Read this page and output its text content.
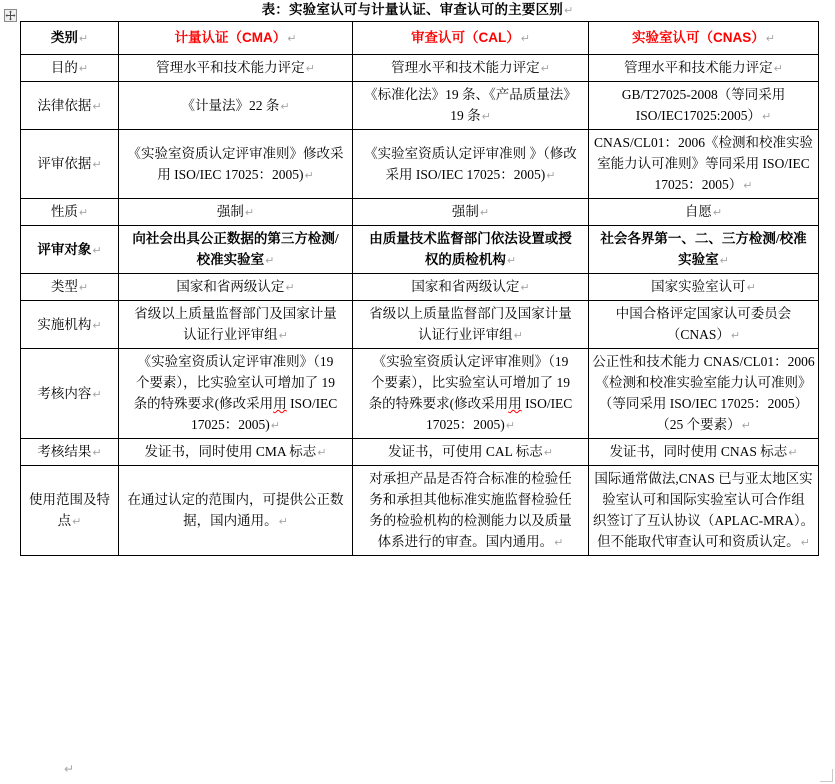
表：实验室认可与计量认证、审查认可的主要区别↵
类别↵	计量认证（CMA）↵	审查认可（CAL）↵	实验室认可（CNAS）↵

目的↵	管理水平和技术能力评定↵	管理水平和技术能力评定↵	管理水平和技术能力评定↵

法律依据↵	《计量法》22 条↵	《标准化法》19 条、《产品质量法》
19 条↵	GB/T27025-2008（等同采用
ISO/IEC17025:2005）↵

评审依据↵	《实验室资质认定评审准则》修改采
用 ISO/IEC 17025：2005)↵	《实验室资质认定评审准则 》（修改
采用 ISO/IEC 17025：2005)↵	CNAS/CL01：2006《检测和校准实验
室能力认可准则》等同采用 ISO/IEC
17025：2005）↵

性质↵	强制↵	强制↵	自愿↵

评审对象↵	向社会出具公正数据的第三方检测/
校准实验室↵	由质量技术监督部门依法设置或授
权的质检机构↵	社会各界第一、二、三方检测/校准
实验室↵

类型↵	国家和省两级认定↵	国家和省两级认定↵	国家实验室认可↵

实施机构↵	省级以上质量监督部门及国家计量
认证行业评审组↵	省级以上质量监督部门及国家计量
认证行业评审组↵	中国合格评定国家认可委员会
（CNAS）↵

考核内容↵	《实验室资质认定评审准则》（19
个要素），比实验室认可增加了 19
条的特殊要求(修改采用用 ISO/IEC
17025：2005)↵	《实验室资质认定评审准则》（19
个要素），比实验室认可增加了 19
条的特殊要求(修改采用用 ISO/IEC
17025：2005)↵	公正性和技术能力 CNAS/CL01：2006
《检测和校准实验室能力认可准则》
（等同采用 ISO/IEC 17025：2005）
（25 个要素）↵

考核结果↵	发证书，同时使用 CMA 标志↵	发证书，可使用 CAL 标志↵	发证书，同时使用 CNAS 标志↵

使用范围及特
点↵	在通过认定的范围内，可提供公正数
据，国内通用。↵	对承担产品是否符合标准的检验任
务和承担其他标准实施监督检验任
务的检验机构的检测能力以及质量
体系进行的审查。国内通用。↵	国际通常做法,CNAS 已与亚太地区实
验室认可和国际实验室认可合作组
织签订了互认协议（APLAC-MRA）。
但不能取代审查认可和资质认定。↵
↵
